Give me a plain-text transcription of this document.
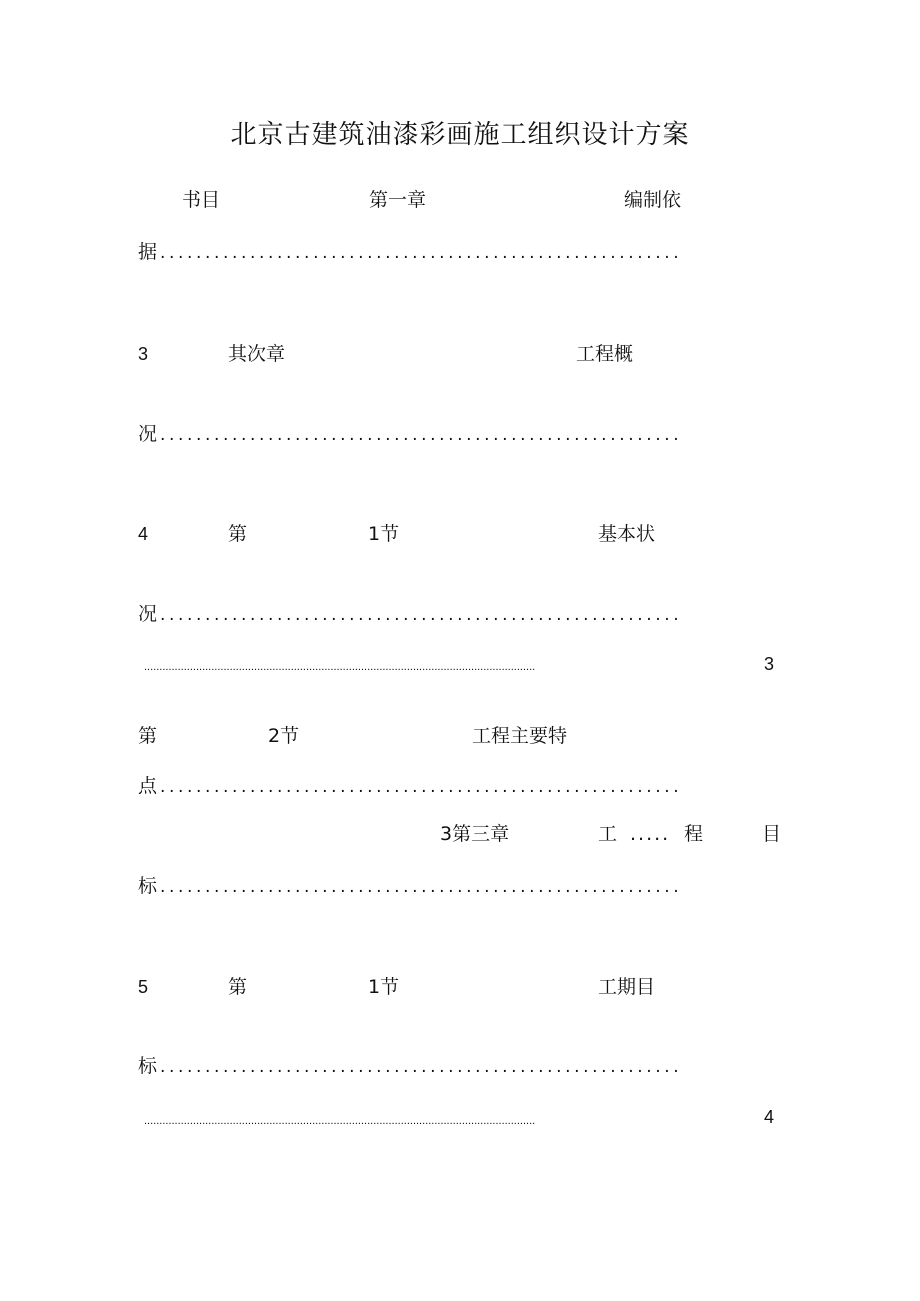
北京古建筑油漆彩画施工组织设计方案
书目	第一章	编制依
据 ..........................................................
3	其次章	工程概
况 ..........................................................
4	第	1节	基本状
况 ..........................................................
................................................................................................................................	3
第	2节	工程主要特
点 ..........................................................
3第三章	工 ..... 程	目
标 ..........................................................
5	第	1节	工期目
标 ..........................................................
................................................................................................................................	4
